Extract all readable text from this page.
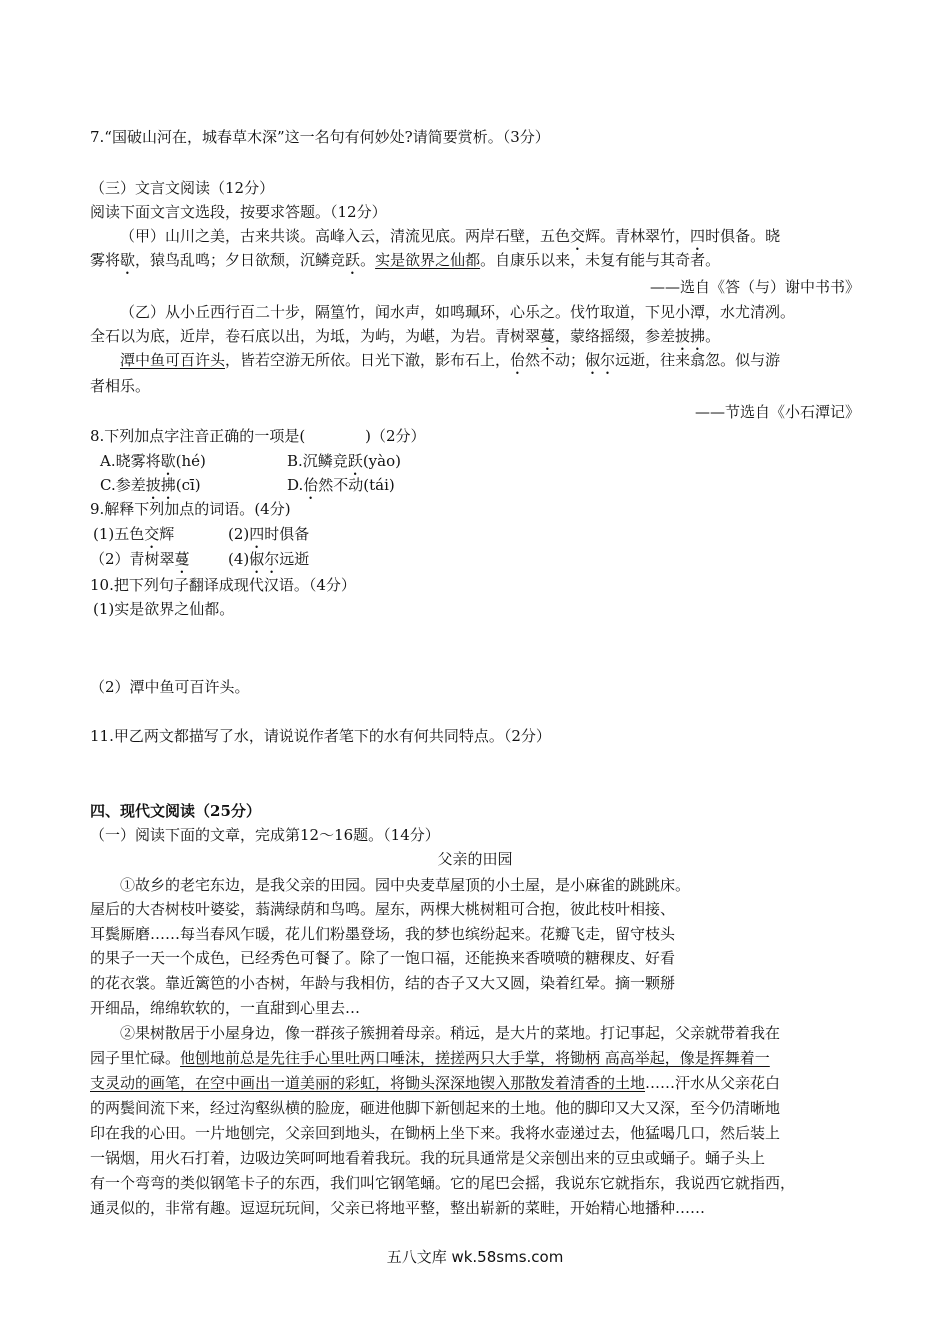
7.“国破山河在，城春草木深”这一名句有何妙处?请简要赏析。（3分）
（三）文言文阅读（12分）
阅读下面文言文选段，按要求答题。（12分）
（甲）山川之美，古来共谈。高峰入云，清流见底。两岸石壁，五色交辉。青林翠竹，四时俱备。晓
雾将歇，猿鸟乱鸣；夕日欲颓，沉鳞竞跃。实是欲界之仙都。自康乐以来，未复有能与其奇者。
——选自《答（与）谢中书书》
（乙）从小丘西行百二十步，隔篁竹，闻水声，如鸣珮环，心乐之。伐竹取道，下见小潭，水尤清冽。
全石以为底，近岸，卷石底以出，为坻，为屿，为嵁，为岩。青树翠蔓，蒙络摇缀，参差披拂。
潭中鱼可百许头，皆若空游无所依。日光下澈，影布石上，佁然不动；俶尔远逝，往来翕忽。似与游
者相乐。
——节选自《小石潭记》
8.下列加点字注音正确的一项是(　　　　)（2分）
A.晓雾将歇(hé)	B.沉鳞竞跃(yào)
C.参差披拂(cī)	D.佁然不动(tái)
9.解释下列加点的词语。(4分)
(1)五色交辉	(2)四时俱备
（2）青树翠蔓	(4)俶尔远逝
10.把下列句子翻译成现代汉语。（4分）
(1)实是欲界之仙都。
（2）潭中鱼可百许头。
11.甲乙两文都描写了水，请说说作者笔下的水有何共同特点。（2分）
四、现代文阅读（25分）
（一）阅读下面的文章，完成第12～16题。（14分）
父亲的田园
①故乡的老宅东边，是我父亲的田园。园中央麦草屋顶的小土屋，是小麻雀的跳跳床。
屋后的大杏树枝叶婆娑，蓊满绿荫和鸟鸣。屋东，两棵大桃树粗可合抱，彼此枝叶相接、
耳鬓厮磨……每当春风乍暖，花儿们粉墨登场，我的梦也缤纷起来。花瓣飞走，留守枝头
的果子一天一个成色，已经秀色可餐了。除了一饱口福，还能换来香喷喷的糖稞皮、好看
的花衣裳。靠近篱笆的小杏树，年龄与我相仿，结的杏子又大又圆，染着红晕。摘一颗掰
开细品，绵绵软软的，一直甜到心里去…
②果树散居于小屋身边，像一群孩子簇拥着母亲。稍远，是大片的菜地。打记事起，父亲就带着我在
园子里忙碌。他刨地前总是先往手心里吐两口唾沫，搓搓两只大手掌，将锄柄 高高举起，像是挥舞着一
支灵动的画笔，在空中画出一道美丽的彩虹，将锄头深深地锲入那散发着清香的土地……汗水从父亲花白
的两鬓间流下来，经过沟壑纵横的脸庞，砸进他脚下新刨起来的土地。他的脚印又大又深，至今仍清晰地
印在我的心田。一片地刨完，父亲回到地头，在锄柄上坐下来。我将水壶递过去，他猛喝几口，然后装上
一锅烟，用火石打着，边吸边笑呵呵地看着我玩。我的玩具通常是父亲刨出来的豆虫或蛹子。蛹子头上
有一个弯弯的类似钢笔卡子的东西，我们叫它钢笔蛹。它的尾巴会摇，我说东它就指东，我说西它就指西，
通灵似的，非常有趣。逗逗玩玩间，父亲已将地平整，整出崭新的菜畦，开始精心地播种……
五八文库 wk.58sms.com
